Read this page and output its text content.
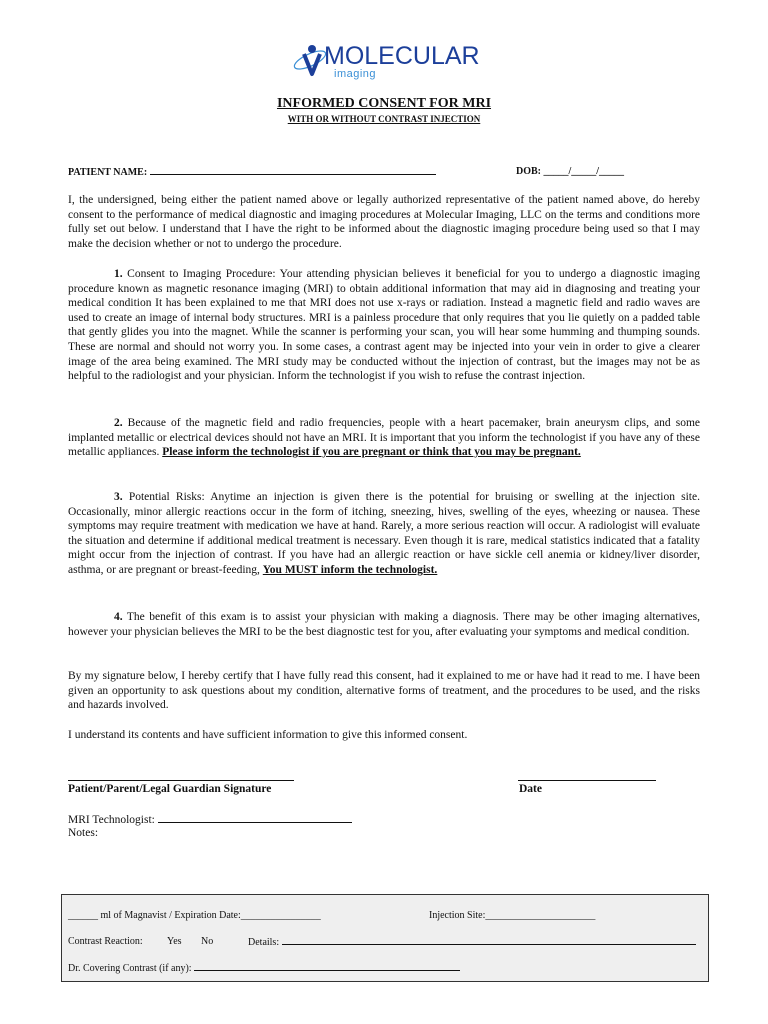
MOLECULAR
imaging
INFORMED CONSENT FOR MRI
WITH OR WITHOUT CONTRAST INJECTION
PATIENT NAME:	DOB: _____/_____/_____
I, the undersigned, being either the patient named above or legally authorized representative of the patient named above, do hereby consent to the performance of medical diagnostic and imaging procedures at Molecular Imaging, LLC on the terms and conditions more fully set out below. I understand that I have the right to be informed about the diagnostic imaging procedure being used so that I may make the decision whether or not to undergo the procedure.
1. Consent to Imaging Procedure: Your attending physician believes it beneficial for you to undergo a diagnostic imaging procedure known as magnetic resonance imaging (MRI) to obtain additional information that may aid in diagnosing and treating your medical condition It has been explained to me that MRI does not use x-rays or radiation. Instead a magnetic field and radio waves are used to create an image of internal body structures. MRI is a painless procedure that only requires that you lie quietly on a padded table that gently glides you into the magnet. While the scanner is performing your scan, you will hear some humming and thumping sounds. These are normal and should not worry you. In some cases, a contrast agent may be injected into your vein in order to give a clearer image of the area being examined. The MRI study may be conducted without the injection of contrast, but the images may not be as helpful to the radiologist and your physician. Inform the technologist if you wish to refuse the contrast injection.
2. Because of the magnetic field and radio frequencies, people with a heart pacemaker, brain aneurysm clips, and some implanted metallic or electrical devices should not have an MRI. It is important that you inform the technologist if you have any of these metallic appliances. Please inform the technologist if you are pregnant or think that you may be pregnant.
3. Potential Risks: Anytime an injection is given there is the potential for bruising or swelling at the injection site. Occasionally, minor allergic reactions occur in the form of itching, sneezing, hives, swelling of the eyes, wheezing or nausea. These symptoms may require treatment with medication we have at hand. Rarely, a more serious reaction will occur. A radiologist will evaluate the situation and determine if additional medical treatment is necessary. Even though it is rare, medical statistics indicated that a fatality might occur from the injection of contrast. If you have had an allergic reaction or have sickle cell anemia or kidney/liver disorder, asthma, or are pregnant or breast-feeding, You MUST inform the technologist.
4. The benefit of this exam is to assist your physician with making a diagnosis. There may be other imaging alternatives, however your physician believes the MRI to be the best diagnostic test for you, after evaluating your symptoms and medical condition.
By my signature below, I hereby certify that I have fully read this consent, had it explained to me or have had it read to me. I have been given an opportunity to ask questions about my condition, alternative forms of treatment, and the procedures to be used, and the risks and hazards involved.
I understand its contents and have sufficient information to give this informed consent.
Patient/Parent/Legal Guardian Signature	Date
MRI Technologist:
Notes:
______ ml of Magnavist / Expiration Date:________________	Injection Site:______________________
Contrast Reaction: Yes No	Details:
Dr. Covering Contrast (if any):
